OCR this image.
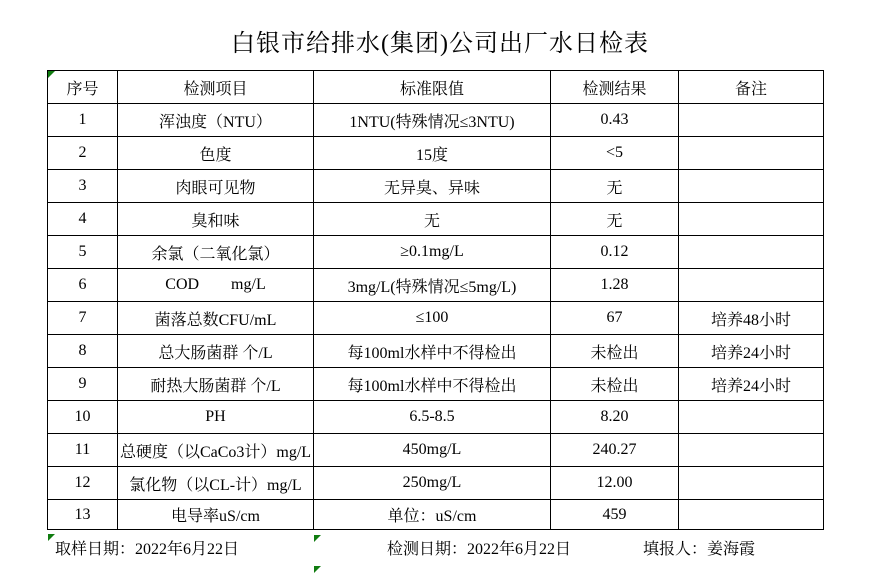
白银市给排水(集团)公司出厂水日检表
序号	检测项目	标准限值	检测结果	备注
1	浑浊度（NTU）	1NTU(特殊情况≤3NTU)	0.43	
2	色度	15度	<5	
3	肉眼可见物	无异臭、异味	无	
4	臭和味	无	无	
5	余氯（二氧化氯）	≥0.1mg/L	0.12	
6	COD        mg/L	3mg/L(特殊情况≤5mg/L)	1.28	
7	菌落总数CFU/mL	≤100	67	培养48小时
8	总大肠菌群 个/L	每100ml水样中不得检出	未检出	培养24小时
9	耐热大肠菌群 个/L	每100ml水样中不得检出	未检出	培养24小时
10	PH	6.5-8.5	8.20	
11	总硬度（以CaCo3计）mg/L	450mg/L	240.27	
12	氯化物（以CL-计）mg/L	250mg/L	12.00	
13	电导率uS/cm	单位：uS/cm	459	
取样日期：2022年6月22日	检测日期：2022年6月22日	填报人：姜海霞
